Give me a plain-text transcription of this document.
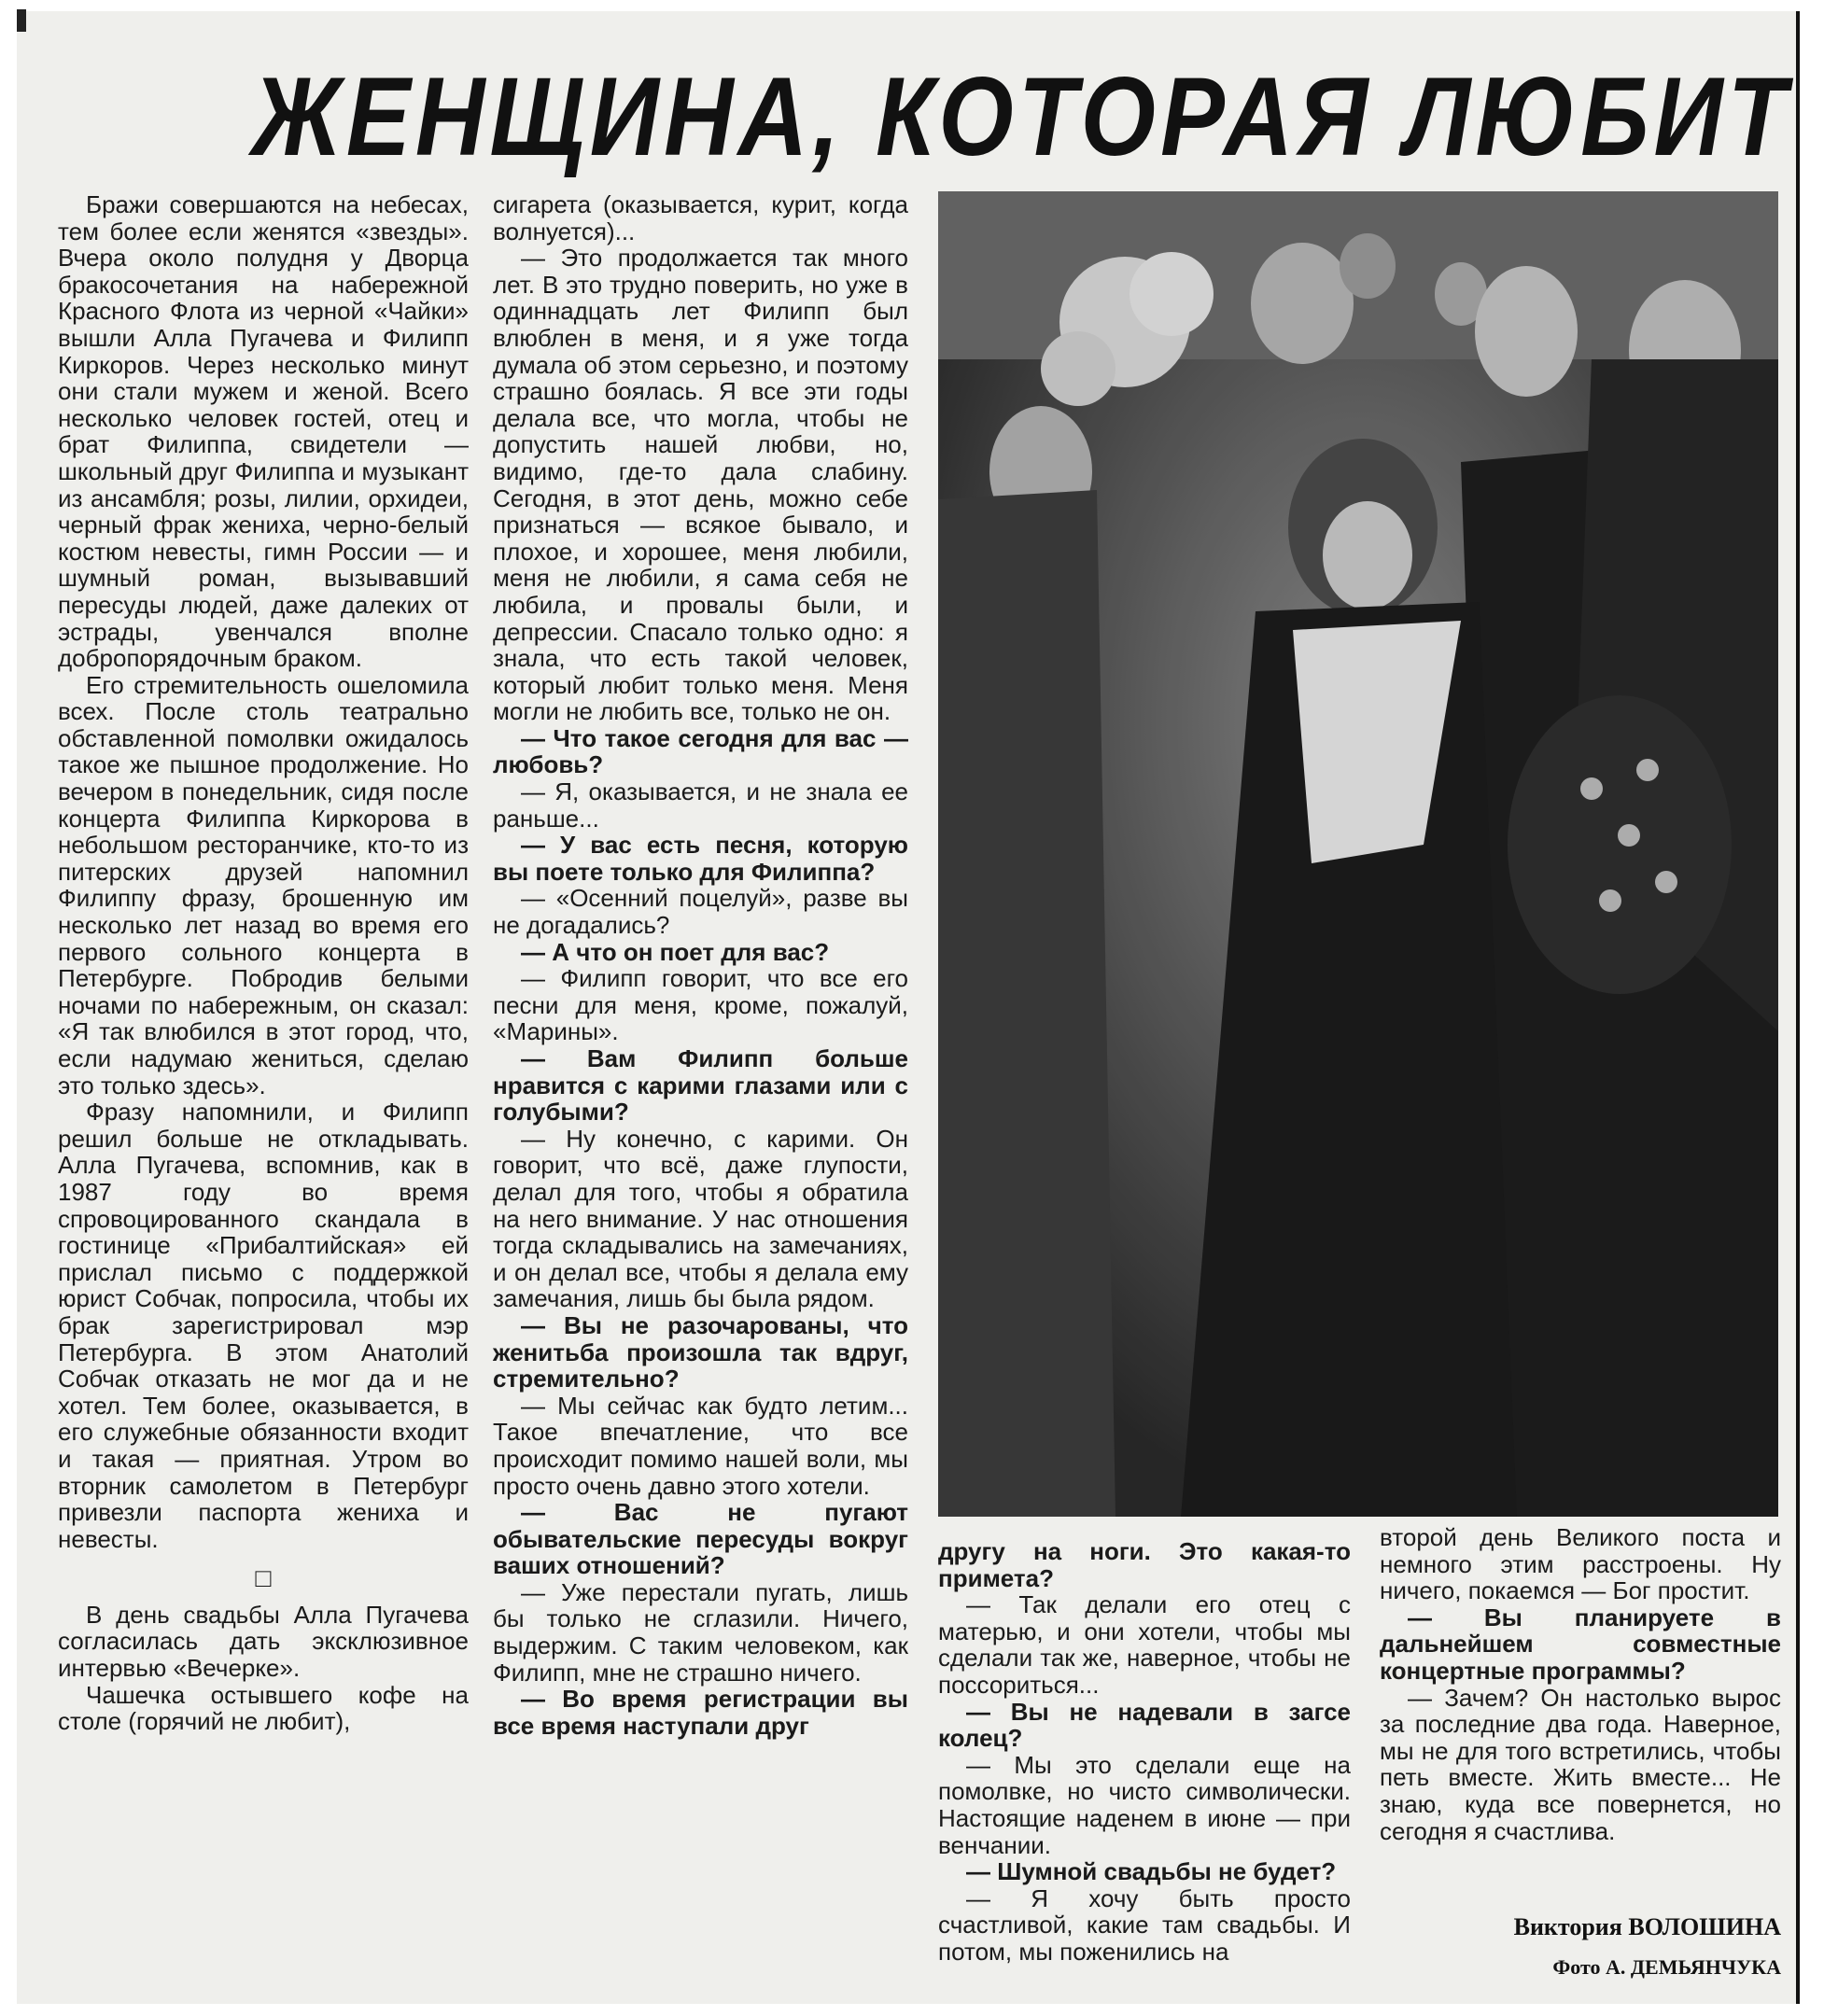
ЖЕНЩИНА, КОТОРАЯ ЛЮБИТ

Бражи совершаются на небесах, тем более если женятся «звезды». Вчера около полудня у Дворца бракосочетания на набережной Красного Флота из черной «Чайки» вышли Алла Пугачева и Филипп Киркоров. Через несколько минут они стали мужем и женой. Всего несколько человек гостей, отец и брат Филиппа, свидетели — школьный друг Филиппа и музыкант из ансамбля; розы, лилии, орхидеи, черный фрак жениха, черно-белый костюм невесты, гимн России — и шумный роман, вызывавший пересуды людей, даже далеких от эстрады, увенчался вполне добропорядочным браком.

Его стремительность ошеломила всех. После столь театрально обставленной помолвки ожидалось такое же пышное продолжение. Но вечером в понедельник, сидя после концерта Филиппа Киркорова в небольшом ресторанчике, кто-то из питерских друзей напомнил Филиппу фразу, брошенную им несколько лет назад во время его первого сольного концерта в Петербурге. Побродив белыми ночами по набережным, он сказал: «Я так влюбился в этот город, что, если надумаю жениться, сделаю это только здесь».

Фразу напомнили, и Филипп решил больше не откладывать. Алла Пугачева, вспомнив, как в 1987 году во время спровоцированного скандала в гостинице «Прибалтийская» ей прислал письмо с поддержкой юрист Собчак, попросила, чтобы их брак зарегистрировал мэр Петербурга. В этом Анатолий Собчак отказать не мог да и не хотел. Тем более, оказывается, в его служебные обязанности входит и такая — приятная. Утром во вторник самолетом в Петербург привезли паспорта жениха и невесты.

□

В день свадьбы Алла Пугачева согласилась дать эксклюзивное интервью «Вечерке».

Чашечка остывшего кофе на столе (горячий не любит),

сигарета (оказывается, курит, когда волнуется)...

— Это продолжается так много лет. В это трудно поверить, но уже в одиннадцать лет Филипп был влюблен в меня, и я уже тогда думала об этом серьезно, и поэтому страшно боялась. Я все эти годы делала все, что могла, чтобы не допустить нашей любви, но, видимо, где-то дала слабину. Сегодня, в этот день, можно себе признаться — всякое бывало, и плохое, и хорошее, меня любили, меня не любили, я сама себя не любила, и провалы были, и депрессии. Спасало только одно: я знала, что есть такой человек, который любит только меня. Меня могли не любить все, только не он.

— Что такое сегодня для вас — любовь?

— Я, оказывается, и не знала ее раньше...

— У вас есть песня, которую вы поете только для Филиппа?

— «Осенний поцелуй», разве вы не догадались?

— А что он поет для вас?

— Филипп говорит, что все его песни для меня, кроме, пожалуй, «Марины».

— Вам Филипп больше нравится с карими глазами или с голубыми?

— Ну конечно, с карими. Он говорит, что всё, даже глупости, делал для того, чтобы я обратила на него внимание. У нас отношения тогда складывались на замечаниях, и он делал все, чтобы я делала ему замечания, лишь бы была рядом.

— Вы не разочарованы, что женитьба произошла так вдруг, стремительно?

— Мы сейчас как будто летим... Такое впечатление, что все происходит помимо нашей воли, мы просто очень давно этого хотели.

— Вас не пугают обывательские пересуды вокруг ваших отношений?

— Уже перестали пугать, лишь бы только не сглазили. Ничего, выдержим. С таким человеком, как Филипп, мне не страшно ничего.

— Во время регистрации вы все время наступали друг

другу на ноги. Это какая-то примета?

— Так делали его отец с матерью, и они хотели, чтобы мы сделали так же, наверное, чтобы не поссориться...

— Вы не надевали в загсе колец?

— Мы это сделали еще на помолвке, но чисто символически. Настоящие наденем в июне — при венчании.

— Шумной свадьбы не будет?

— Я хочу быть просто счастливой, какие там свадьбы. И потом, мы поженились на

второй день Великого поста и немного этим расстроены. Ну ничего, покаемся — Бог простит.

— Вы планируете в дальнейшем совместные концертные программы?

— Зачем? Он настолько вырос за последние два года. Наверное, мы не для того встретились, чтобы петь вместе. Жить вместе... Не знаю, куда все повернется, но сегодня я счастлива.

Виктория ВОЛОШИНА
Фото А. ДЕМЬЯНЧУКА
